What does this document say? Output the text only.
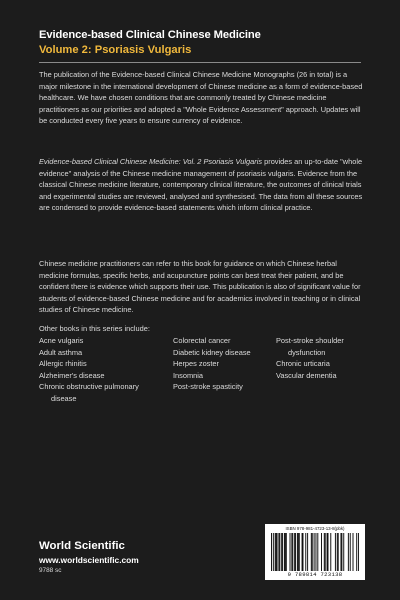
Evidence-based Clinical Chinese Medicine
Volume 2: Psoriasis Vulgaris

The publication of the Evidence-based Clinical Chinese Medicine Monographs (26 in total) is a major milestone in the international development of Chinese medicine as a form of evidence-based healthcare. We have chosen conditions that are commonly treated by Chinese medicine practitioners as our priorities and adopted a "Whole Evidence Assessment" approach. Updates will be conducted every five years to ensure currency of evidence.

Evidence-based Clinical Chinese Medicine: Vol. 2 Psoriasis Vulgaris provides an up-to-date "whole evidence" analysis of the Chinese medicine management of psoriasis vulgaris. Evidence from the classical Chinese medicine literature, contemporary clinical literature, the outcomes of clinical trials and experimental studies are reviewed, analysed and synthesised. The data from all these sources are condensed to provide evidence-based statements which inform clinical practice.

Chinese medicine practitioners can refer to this book for guidance on which Chinese herbal medicine formulas, specific herbs, and acupuncture points can best treat their patient, and be confident there is evidence which supports their use. This publication is also of significant value for students of evidence-based Chinese medicine and for academics involved in teaching or in clinical studies of Chinese medicine.

Other books in this series include:

Acne vulgaris
Adult asthma
Allergic rhinitis
Alzheimer's disease
Chronic obstructive pulmonary
disease
Colorectal cancer
Diabetic kidney disease
Herpes zoster
Insomnia
Post-stroke spasticity
Post-stroke shoulder
dysfunction
Chronic urticaria
Vascular dementia
World Scientific
www.worldscientific.com
9788 sc
ISBN 978-981-4723-13-8(pbk)
9 789814 723138
